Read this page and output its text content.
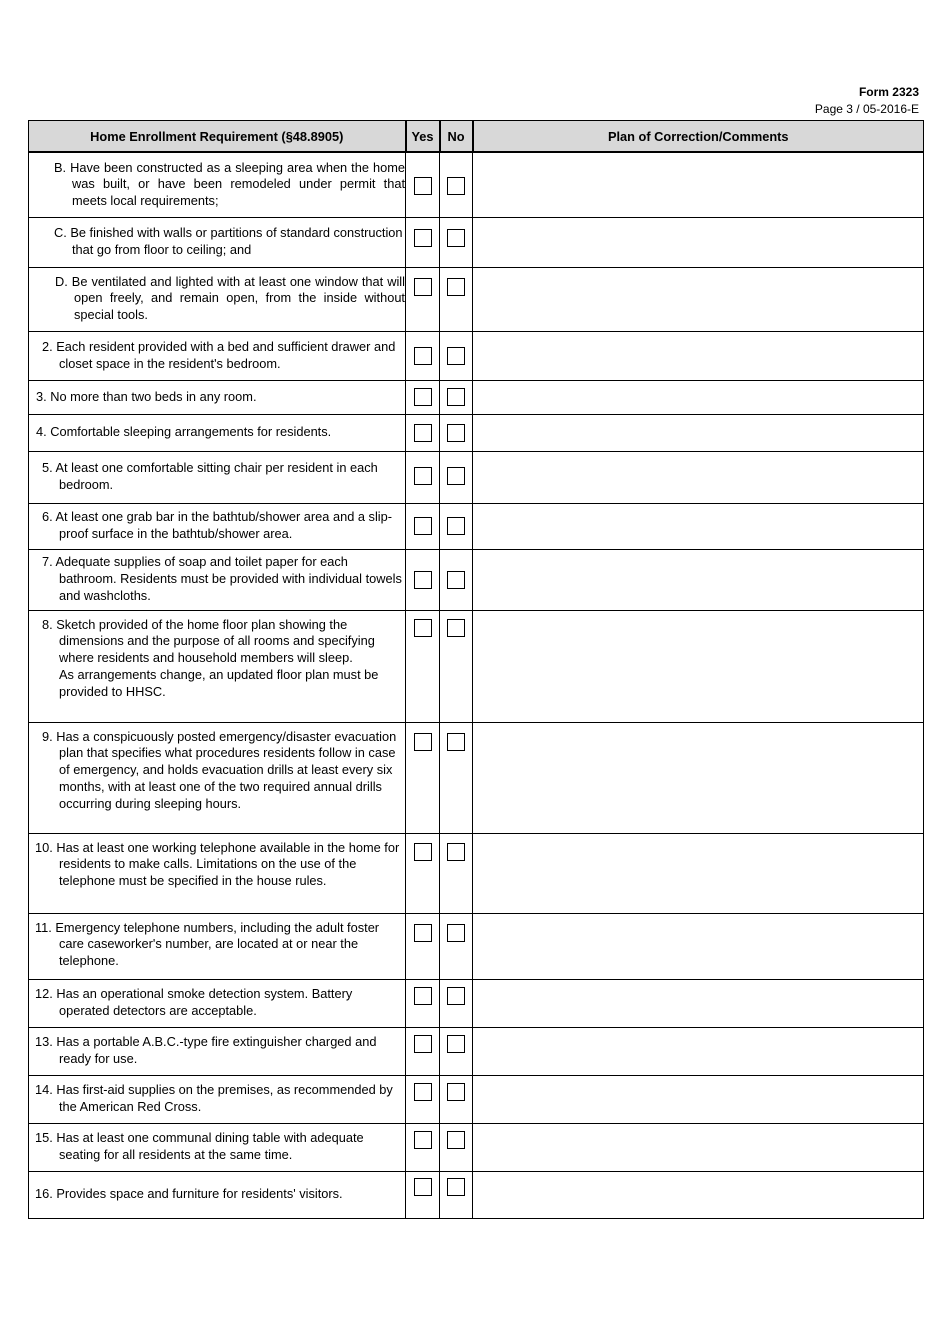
Form 2323
Page 3 / 05-2016-E
Home Enrollment Requirement (§48.8905)	Yes	No	Plan of Correction/Comments

B. Have been constructed as a sleeping area when the home was built, or have been remodeled under permit that meets local requirements;			

C. Be finished with walls or partitions of standard construction that go from floor to ceiling; and			

D. Be ventilated and lighted with at least one window that will open freely, and remain open, from the inside without special tools.			

2. Each resident provided with a bed and sufficient drawer and closet space in the resident's bedroom.			

3. No more than two beds in any room.			

4. Comfortable sleeping arrangements for residents.			

5. At least one comfortable sitting chair per resident in each bedroom.			

6. At least one grab bar in the bathtub/shower area and a slip-proof surface in the bathtub/shower area.			

7. Adequate supplies of soap and toilet paper for each bathroom. Residents must be provided with individual towels and washcloths.			

8. Sketch provided of the home floor plan showing the dimensions and the purpose of all rooms and specifying where residents and household members will sleep.
As arrangements change, an updated floor plan must be provided to HHSC.			

9. Has a conspicuously posted emergency/disaster evacuation plan that specifies what procedures residents follow in case of emergency, and holds evacuation drills at least every six months, with at least one of the two required annual drills occurring during sleeping hours.			

10. Has at least one working telephone available in the home for residents to make calls. Limitations on the use of the telephone must be specified in the house rules.			

11. Emergency telephone numbers, including the adult foster care caseworker's number, are located at or near the telephone.			

12. Has an operational smoke detection system. Battery operated detectors are acceptable.			

13. Has a portable A.B.C.-type fire extinguisher charged and ready for use.			

14. Has first-aid supplies on the premises, as recommended by the American Red Cross.			

15. Has at least one communal dining table with adequate seating for all residents at the same time.			

16. Provides space and furniture for residents' visitors.			
